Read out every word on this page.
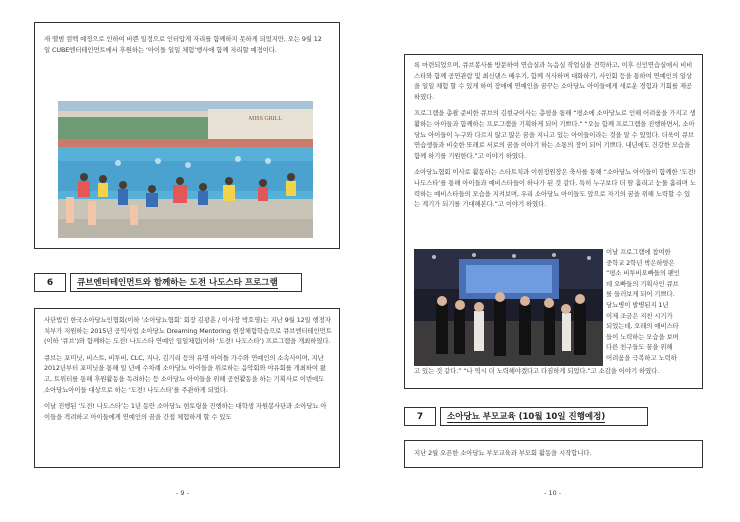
새 앨범 컴백 예정으로 인하여 바쁜 일정으로 인터압게 자리를 함께하지 못하게 되었지만, 오는 9월 12일 CUBE엔터테인먼트에서 후원하는 ‘아이돌 일일 체험’행사에 함께 자리할 예정이다.
MISS GRILL
6	큐브엔터테인먼트와 함께하는 도전 나도스타 프로그램

사단법인 한국소아당뇨인협회(이하 ‘소아당뇨협회’ 회장 김광훈 / 이사장 박호영)는 지난 9월 12일 행정자치부가 지원하는 2015년 공익사업 소아당뇨 Dreaming Mentoring 현장체험학습으로 큐브엔터테인먼트(이하 ‘큐브’)와 함께하는 도전! 나도스타 연예인 일일체험(이하 ‘도전! 나도스타’) 프로그램을 개최하였다.

큐브는 포미닛, 비스트, 비투비, CLC, 지나, 김기리 등의 유명 아이돌 가수와 연예인의 소속사이며, 지난 2012년부터 포미닛을 통해 일 년에 수차례 소아당뇨 아이들을 위로하는 음악회와 야유회를 개최하여 왔고, 트위터를 통해 후원활동을 독려하는 등 소아당뇨 아이들을 위해 공헌활동을 하는 기획사로 이번에도 소아당뇨아이들 대상으로 하는 ‘도전! 나도스타’를 주관하게 되었다.

이날 진행된 ‘도전! 나도스타’는 1년 동안 소아당뇨 현토링을 진행하는 대학생 자원봉사단과 소아당뇨 아이들을 격려하고 아이들에게 연예인의 꿈을 간접 체험하게 할 수 있도

- 9 -

록 마련되었으며, 큐브봉사를 방문하여 연습실과 녹음실 작업실을 견학하고, 이후 신인연습실에서 비비스타와 함께 공연관람 및 최신댄스 배우기, 함께 식사하며 대화하기, 사인회 등을 통하여 연예인의 일상을 일일 체험 할 수 있게 하여 장애에 연예인을 꿈꾸는 소아당뇨 아이들에게 새로운 경험과 기회를 제공하였다.

프로그램을 총괄 준비한 큐브의 김현규이사는 총평을 통해 “평소에 소아당뇨로 인해 어려움을 가지고 생활하는 아이들과 함께하는 프로그램을 기획하게 되어 기쁘다.” “오늘 함께 프로그램을 진행하면서, 소아당뇨 아이들이 누구와 다르지 않고 많은 꿈을 지니고 있는 아이들이라는 것을 알 수 있었다. 더욱이 큐브연습생들과 비슷한 또래로 서로의 꿈을 이야기 하는 소통의 장이 되어 기쁘다. 내년에도 건강한 모습을 함께 하기를 기원한다.”고 이야기 하였다.

소아당뇨협회 이사로 활동하는 스타트치과 이현정원장은 축사를 통해 “소아당뇨 아이들이 함께한 ‘도전! 나도스타’를 통해 아이들과 예비스타들이 하나가 된 것 같다. 특히 누구보다 더 땀 흘리고 눈물 흘리며 노력하는 예비스타들의 모습을 지켜보며, 우리 소아당뇨 아이들도 앞으로 자기의 꿈을 위해 노력할 수 있는 계기가 되기를 기대해본다.”고 이야기 하였다.

이날 프로그램에 참여한
중학교 2학년 박은하양은
“평소 비투비오빠들의 팬인
데 오빠들의 기획사인 큐브
를 들러보게 되어 기쁘다.
당뇨병이 발병된지 1년
이제 조금은 지친 시기가
되었는데, 오래의 예비스타
들이 노력하는 모습을 보며
다른 친구들도 꿈을 위해
어려움을 극복하고 노력하
고 있는 것 같다.” “나 역시 더 노력해야겠다고 다짐하게 되었다.”고 소감을 이야기 하였다.
7	소아당뇨 부모교육 (10월 10일 진행예정)
지난 2월 오픈한 소아당뇨 부모교육과 부모회 활동을 시작합니다.
- 10 -
